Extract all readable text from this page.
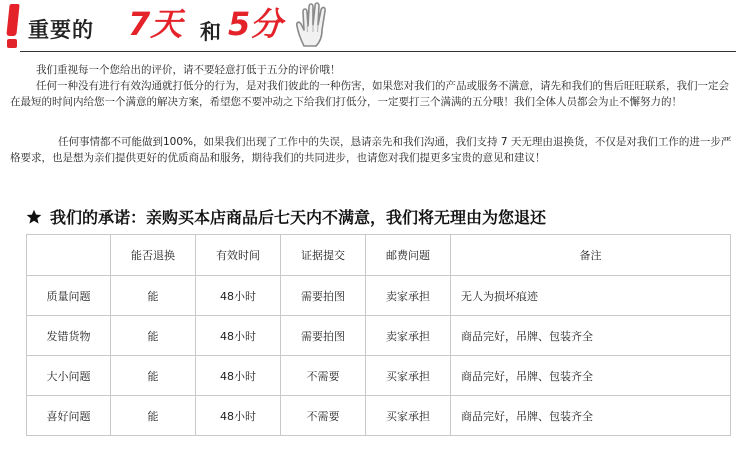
重要的 7天 和 5分

我们重视每一个您给出的评价，请不要轻意打低于五分的评价哦！

任何一种没有进行有效沟通就打低分的行为，是对我们彼此的一种伤害，如果您对我们的产品或服务不满意，请先和我们的售后旺旺联系，我们一定会在最短的时间内给您一个满意的解决方案，希望您不要冲动之下给我们打低分，一定要打三个满满的五分哦！我们全体人员都会为止不懈努力的！

任何事情都不可能做到100%，如果我们出现了工作中的失误，恳请亲先和我们沟通，我们支持 7 天无理由退换货，不仅是对我们工作的进一步严格要求，也是想为亲们提供更好的优质商品和服务，期待我们的共同进步，也请您对我们提更多宝贵的意见和建议！

我们的承诺：亲购买本店商品后七天内不满意，我们将无理由为您退还
	能否退换	有效时间	证据提交	邮费问题	备注
质量问题	能	48小时	需要拍图	卖家承担	无人为损坏痕迹
发错货物	能	48小时	需要拍图	卖家承担	商品完好，吊牌、包装齐全
大小问题	能	48小时	不需要	买家承担	商品完好，吊牌、包装齐全
喜好问题	能	48小时	不需要	买家承担	商品完好，吊牌、包装齐全
